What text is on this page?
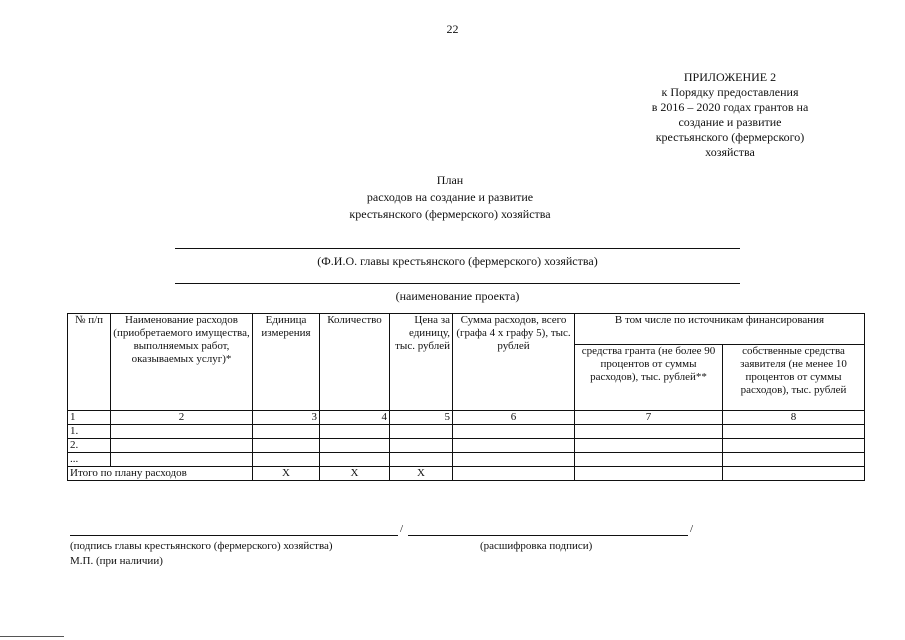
22
ПРИЛОЖЕНИЕ 2
к Порядку предоставления
в 2016 – 2020 годах грантов на
создание и развитие
крестьянского (фермерского)
хозяйства
План
расходов на создание и развитие
крестьянского (фермерского) хозяйства
(Ф.И.О. главы крестьянского (фермерского) хозяйства)
(наименование проекта)
№ п/п	Наименование расходов (приобретаемого имущества, выполняемых работ, оказываемых услуг)*	Единица измерения	Количество	Цена за единицу, тыс. рублей	Сумма расходов, всего (графа 4 х графу 5), тыс. рублей	В том числе по источникам финансирования	
						средства гранта (не более 90 процентов от суммы расходов), тыс. рублей**	собственные средства заявителя (не менее 10 процентов от суммы расходов), тыс. рублей
1	2	3	4	5	6	7	8
1.							
2.							
...							
Итого по плану расходов		Х	Х	Х			
/	/
(подпись главы крестьянского (фермерского) хозяйства)	(расшифровка подписи)
М.П. (при наличии)
